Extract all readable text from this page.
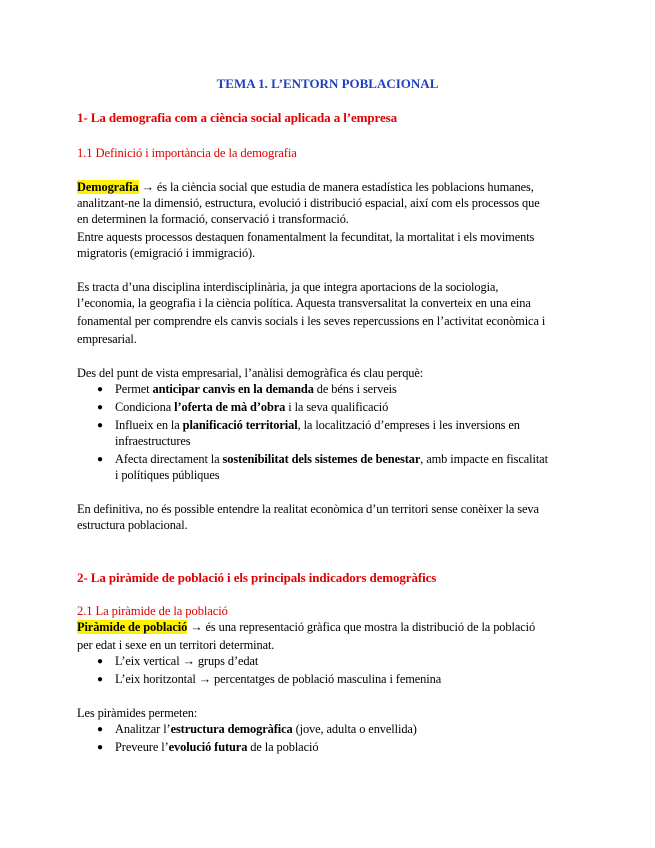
TEMA 1. L’ENTORN POBLACIONAL
1- La demografia com a ciència social aplicada a l’empresa
1.1 Definició i importància de la demografia
Demografia → és la ciència social que estudia de manera estadística les poblacions humanes,
analitzant-ne la dimensió, estructura, evolució i distribució espacial, així com els processos que
en determinen la formació, conservació i transformació.
Entre aquests processos destaquen fonamentalment la fecunditat, la mortalitat i els moviments
migratoris (emigració i immigració).
Es tracta d’una disciplina interdisciplinària, ja que integra aportacions de la sociologia,
l’economia, la geografia i la ciència política. Aquesta transversalitat la converteix en una eina
fonamental per comprendre els canvis socials i les seves repercussions en l’activitat econòmica i
empresarial.
Des del punt de vista empresarial, l’anàlisi demogràfica és clau perquè:
● Permet anticipar canvis en la demanda de béns i serveis
● Condiciona l’oferta de mà d’obra i la seva qualificació
● Influeix en la planificació territorial, la localització d’empreses i les inversions en
infraestructures
● Afecta directament la sostenibilitat dels sistemes de benestar, amb impacte en fiscalitat
i polítiques públiques
En definitiva, no és possible entendre la realitat econòmica d’un territori sense conèixer la seva
estructura poblacional.
2- La piràmide de població i els principals indicadors demogràfics
2.1 La piràmide de la població
Piràmide de població → és una representació gràfica que mostra la distribució de la població
per edat i sexe en un territori determinat.
● L’eix vertical → grups d’edat
● L’eix horitzontal → percentatges de població masculina i femenina
Les piràmides permeten:
● Analitzar l’estructura demogràfica (jove, adulta o envellida)
● Preveure l’evolució futura de la població
